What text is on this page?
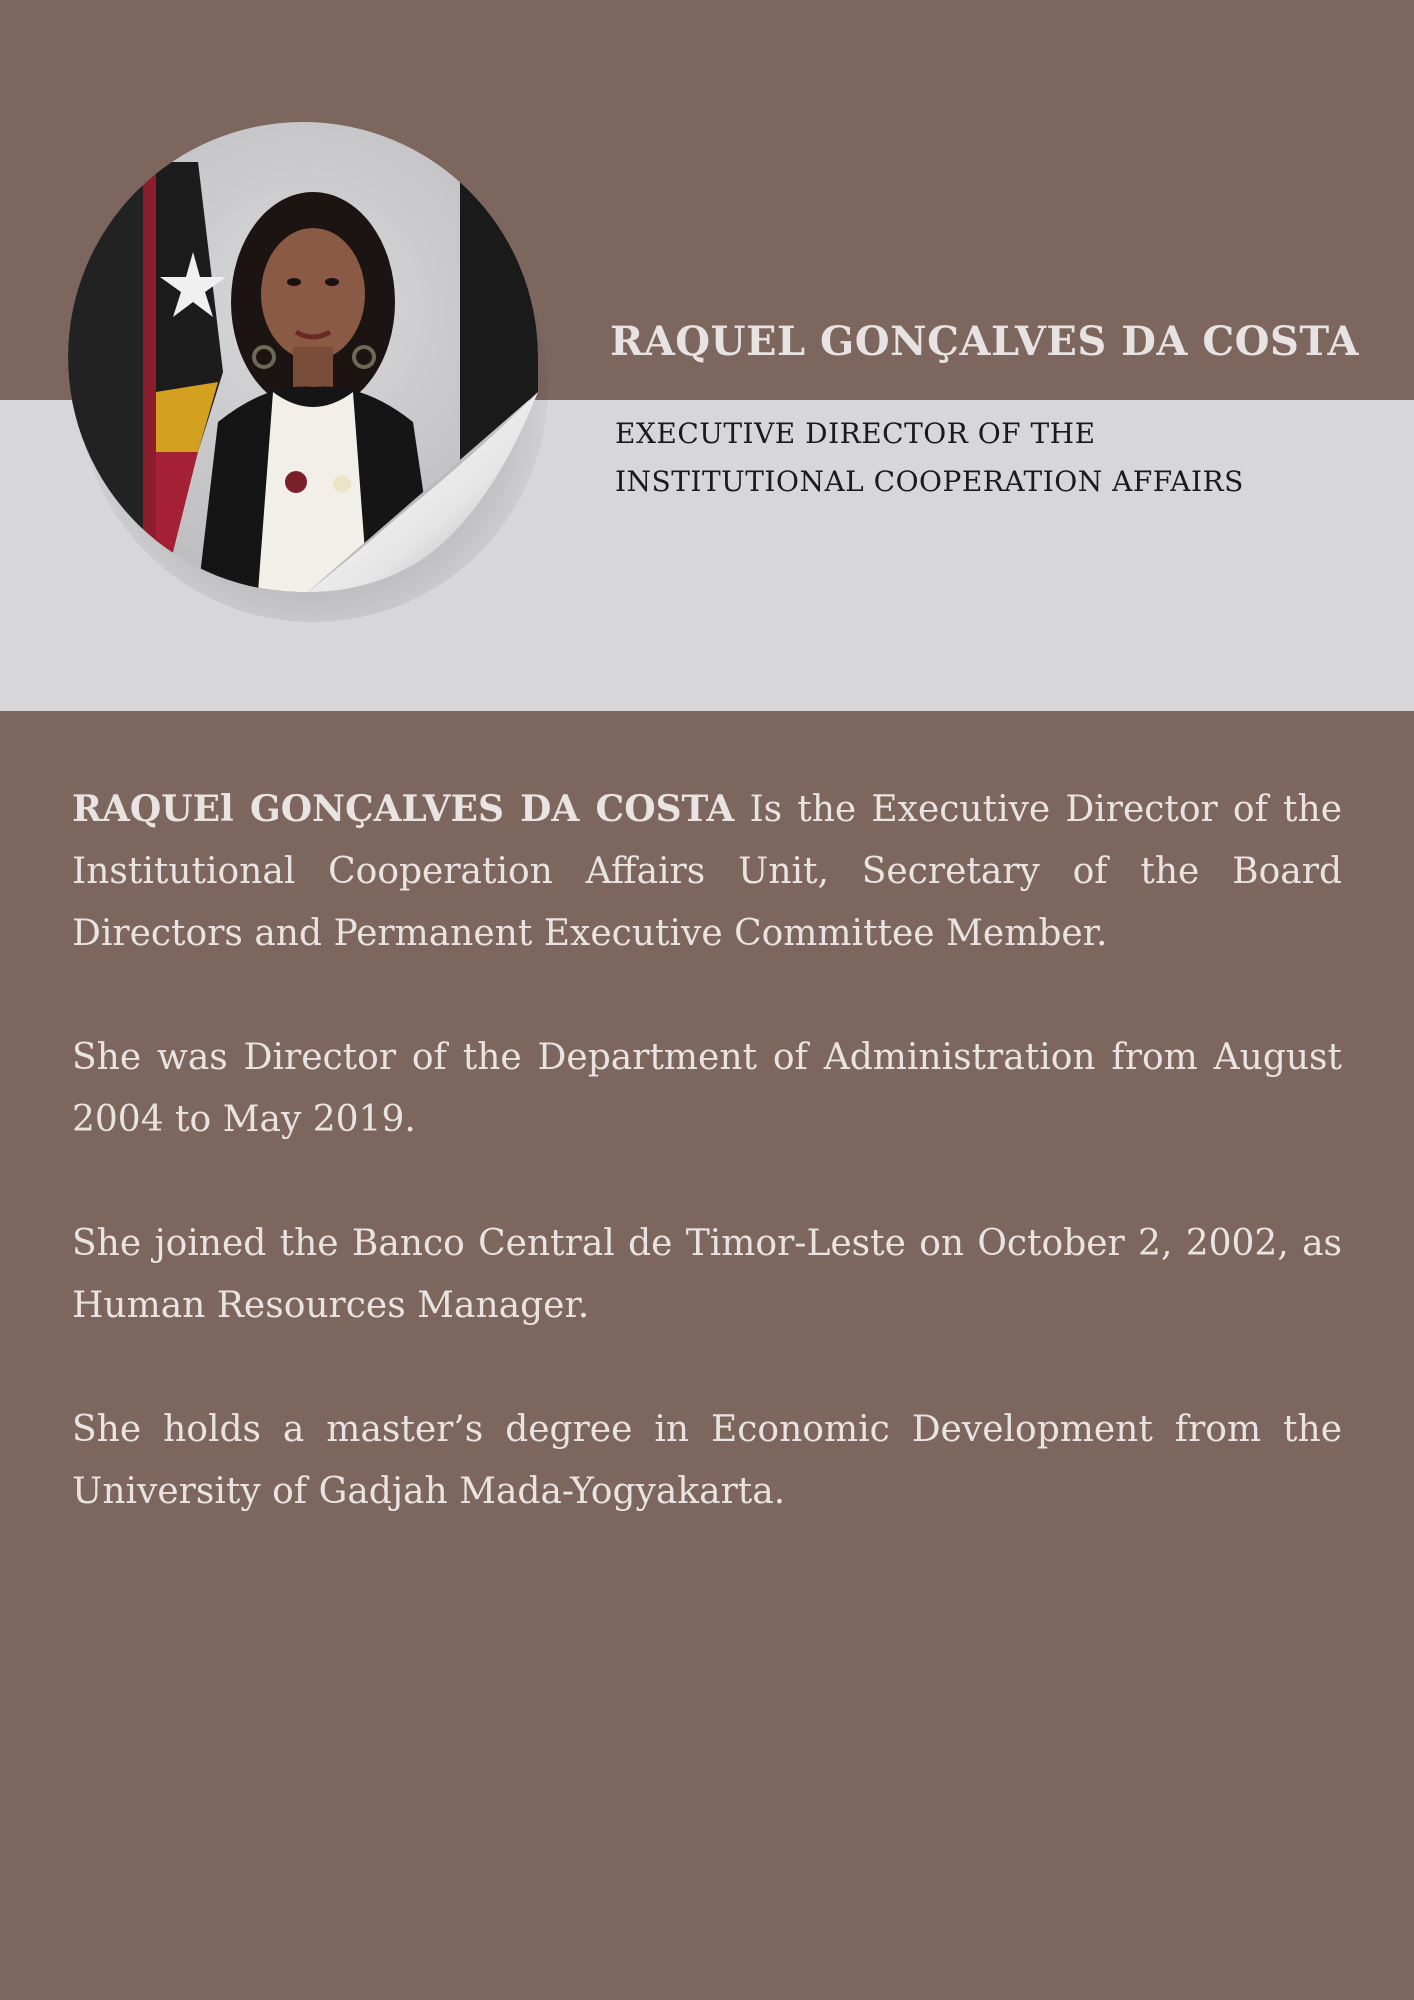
RAQUEL GONÇALVES DA COSTA
EXECUTIVE DIRECTOR OF THE
INSTITUTIONAL COOPERATION AFFAIRS

RAQUEl GONÇALVES DA COSTA Is the Executive Director of the Institutional Cooperation Affairs Unit, Secretary of the Board Directors and Permanent Executive Committee Member.

She was Director of the Department of Administration from August 2004 to May 2019.

She joined the Banco Central de Timor-Leste on October 2, 2002, as Human Resources Manager.

She holds a master’s degree in Economic Development from the University of Gadjah Mada-Yogyakarta.
